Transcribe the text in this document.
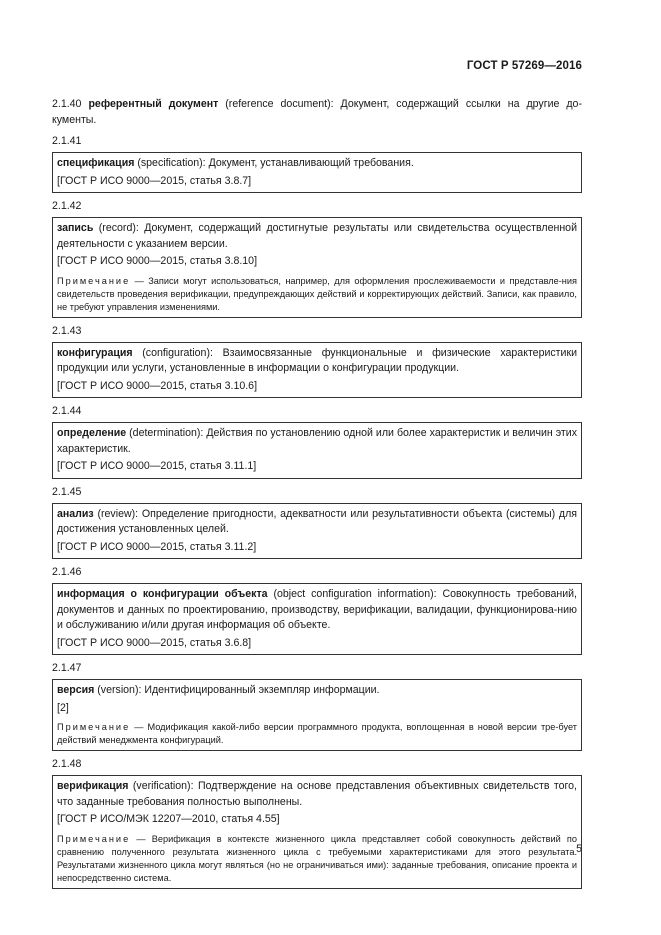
ГОСТ Р 57269—2016
2.1.40 референтный документ (reference document): Документ, содержащий ссылки на другие до-кументы.
2.1.41

спецификация (specification): Документ, устанавливающий требования.

[ГОСТ Р ИСО 9000—2015, статья 3.8.7]

2.1.42

запись (record): Документ, содержащий достигнутые результаты или свидетельства осуществленной деятельности с указанием версии.

[ГОСТ Р ИСО 9000—2015, статья 3.8.10]

Примечание — Записи могут использоваться, например, для оформления прослеживаемости и представле-ния свидетельств проведения верификации, предупреждающих действий и корректирующих действий. Записи, как правило, не требуют управления изменениями.

2.1.43

конфигурация (configuration): Взаимосвязанные функциональные и физические характеристики продукции или услуги, установленные в информации о конфигурации продукции.

[ГОСТ Р ИСО 9000—2015, статья 3.10.6]

2.1.44

определение (determination): Действия по установлению одной или более характеристик и величин этих характеристик.

[ГОСТ Р ИСО 9000—2015, статья 3.11.1]

2.1.45

анализ (review): Определение пригодности, адекватности или результативности объекта (системы) для достижения установленных целей.

[ГОСТ Р ИСО 9000—2015, статья 3.11.2]

2.1.46

информация о конфигурации объекта (object configuration information): Совокупность требований, документов и данных по проектированию, производству, верификации, валидации, функционирова-нию и обслуживанию и/или другая информация об объекте.

[ГОСТ Р ИСО 9000—2015, статья 3.6.8]

2.1.47

версия (version): Идентифицированный экземпляр информации.

[2]

Примечание — Модификация какой-либо версии программного продукта, воплощенная в новой версии тре-бует действий менеджмента конфигураций.

2.1.48

верификация (verification): Подтверждение на основе представления объективных свидетельств того, что заданные требования полностью выполнены.

[ГОСТ Р ИСО/МЭК 12207—2010, статья 4.55]

Примечание — Верификация в контексте жизненного цикла представляет собой совокупность действий по сравнению полученного результата жизненного цикла с требуемыми характеристиками для этого результата. Результатами жизненного цикла могут являться (но не ограничиваться ими): заданные требования, описание проекта и непосредственно система.

5
